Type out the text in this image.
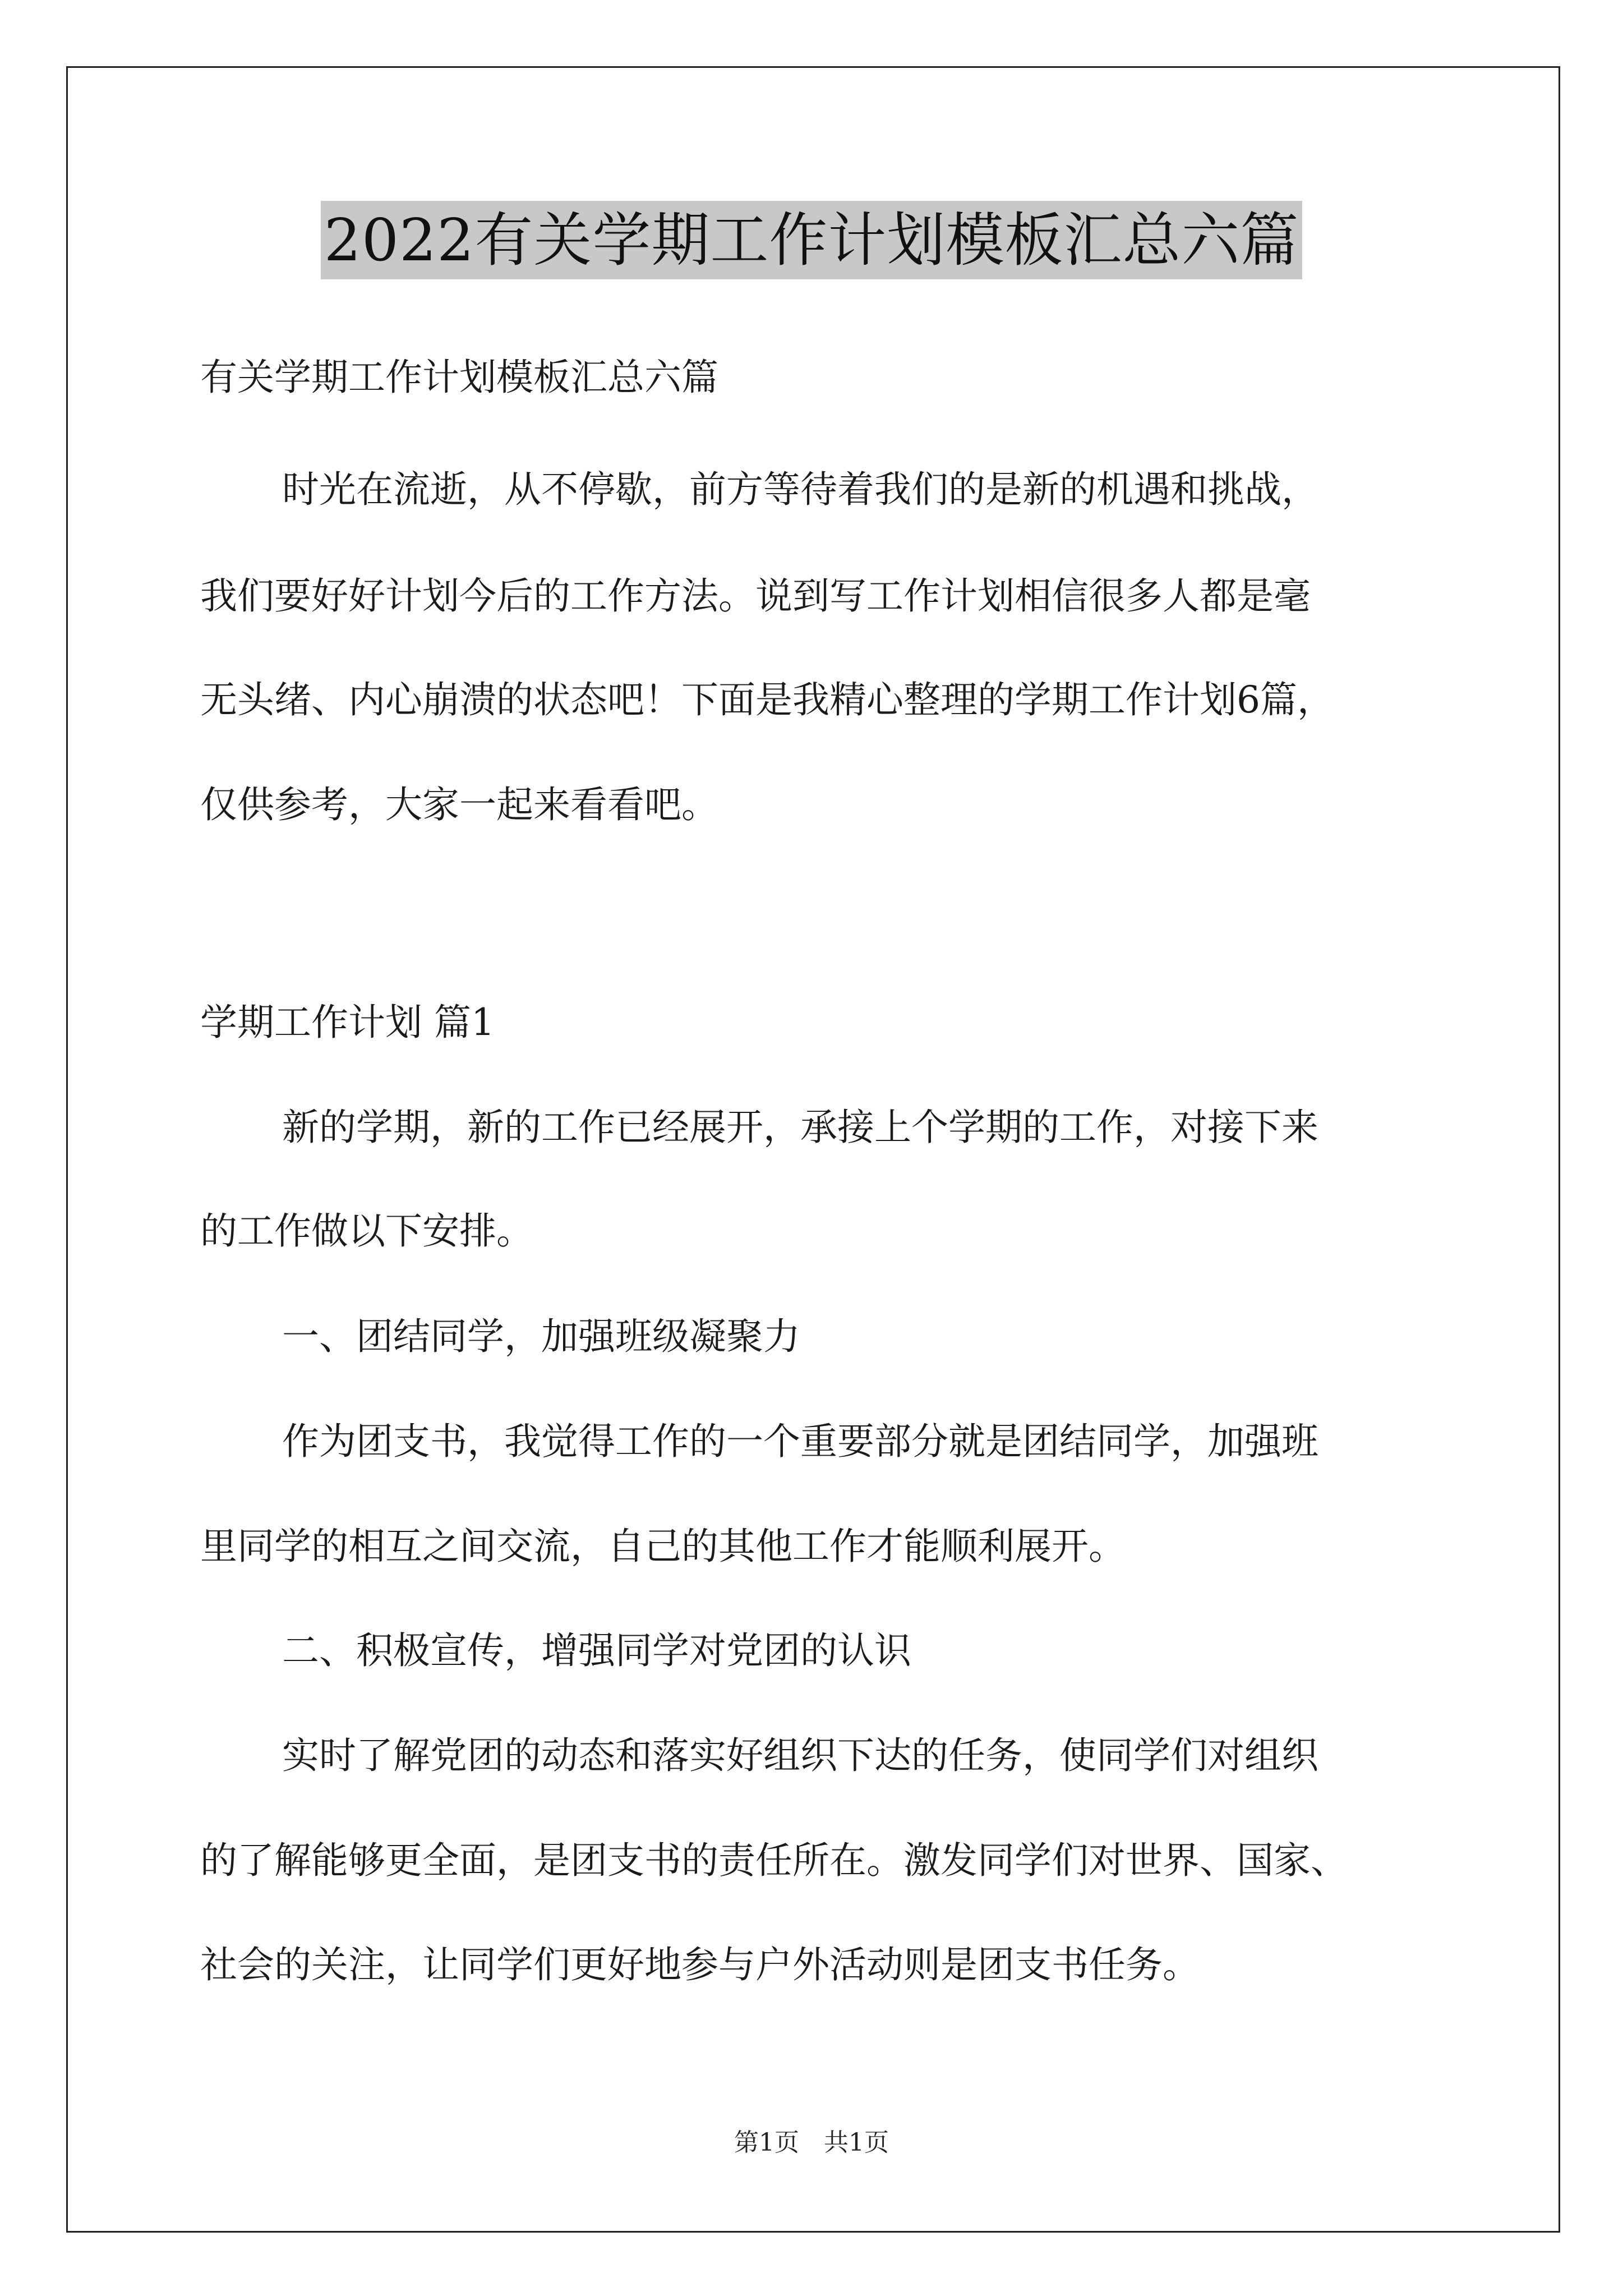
2022有关学期工作计划模板汇总六篇
有关学期工作计划模板汇总六篇
时光在流逝，从不停歇，前方等待着我们的是新的机遇和挑战，
我们要好好计划今后的工作方法。说到写工作计划相信很多人都是毫
无头绪、内心崩溃的状态吧！下面是我精心整理的学期工作计划6篇，
仅供参考，大家一起来看看吧。
学期工作计划 篇1
新的学期，新的工作已经展开，承接上个学期的工作，对接下来
的工作做以下安排。
一、团结同学，加强班级凝聚力
作为团支书，我觉得工作的一个重要部分就是团结同学，加强班
里同学的相互之间交流，自己的其他工作才能顺利展开。
二、积极宣传，增强同学对党团的认识
实时了解党团的动态和落实好组织下达的任务，使同学们对组织
的了解能够更全面，是团支书的责任所在。激发同学们对世界、国家、
社会的关注，让同学们更好地参与户外活动则是团支书任务。
第1页　共1页
